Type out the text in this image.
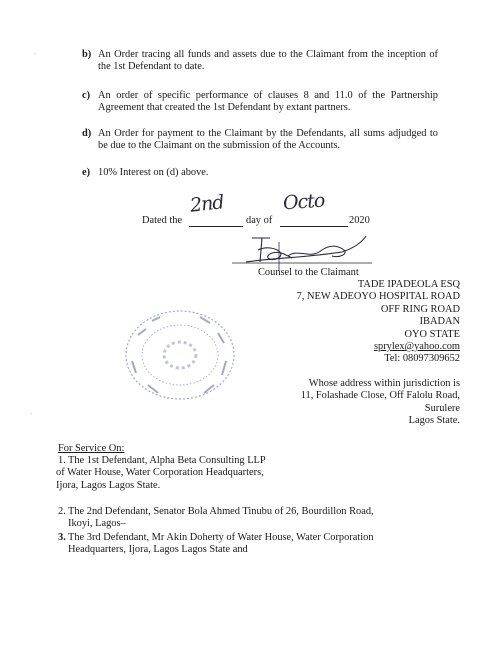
·
·
b) An Order tracing all funds and assets due to the Claimant from the inception of the 1st Defendant to date.
c) An order of specific performance of clauses 8 and 11.0 of the Partnership Agreement that created the 1st Defendant by extant partners.
d) An Order for payment to the Claimant by the Defendants, all sums adjudged to be due to the Claimant on the submission of the Accounts.
e) 10% Interest on (d) above.
Dated the	day of	2020
2nd	Octo
Counsel to the Claimant
TADE IPADEOLA ESQ
7, NEW ADEOYO HOSPITAL ROAD
OFF RING ROAD
IBADAN
OYO STATE
sprylex@yahoo.com
Tel: 08097309652
Whose address within jurisdiction is
11, Folashade Close, Off Falolu Road,
Surulere
Lagos State.
For Service On:
1. The 1st Defendant, Alpha Beta Consulting LLP
of Water House, Water Corporation Headquarters,
Ijora, Lagos Lagos State.
2. The 2nd Defendant, Senator Bola Ahmed Tinubu of 26, Bourdillon Road,
Ikoyi, Lagos–
3. The 3rd Defendant, Mr Akin Doherty of Water House, Water Corporation
Headquarters, Ijora, Lagos Lagos State and
